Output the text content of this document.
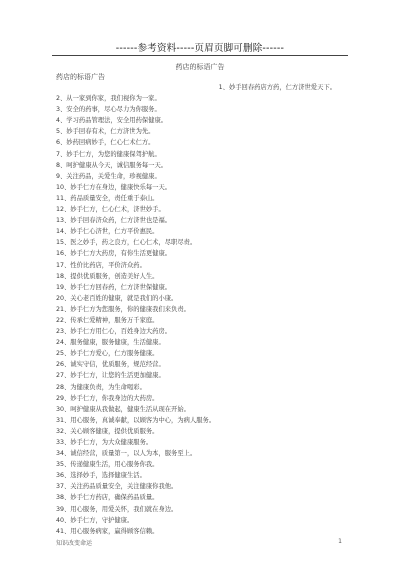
------参考资料-----页眉页脚可删除------
药店的标语广告
药店的标语广告
1、妙手回春药店方药，仁方济世爱天下。
2、从一家到你家，我们视你为一家。
3、安全的药事，尽心尽力为你服务。
4、学习药品管理法，安全用药保健康。
5、妙手回春有术，仁方济世为先。
6、妙药回病妙手，仁心仁术仁方。
7、妙手仁方，为您的健康保驾护航。
8、呵护健康从今天，诚信服务每一天。
9、关注药品，关爱生命，珍视健康。
10、妙手仁方在身边，健康快乐每一天。
11、药品质量安全，责任重于泰山。
12、妙手仁方，仁心仁术，济世妙手。
13、妙手回春济众药，仁方济世也是福。
14、妙手仁心济世，仁方平价惠民。
15、医之妙手，药之良方，仁心仁术，尽职尽责。
16、妙手仁方大药房，有你生活更健康。
17、性价比药店，平价济众药。
18、提供优质服务，创造美好人生。
19、妙手仁方回春药，仁方济世保健康。
20、关心老百姓的健康，就是我们的小康。
21、妙手仁方为您服务，你的健康我们来负责。
22、传承仁爱精神，服务万千家庭。
23、妙手仁方用仁心，百姓身边大药房。
24、服务健康，服务健康，生活健康。
25、妙手仁方爱心，仁方服务健康。
26、诚实守信，优质服务，规范经营。
27、妙手仁方，让您的生活更加健康。
28、为健康负责，为生命喝彩。
29、妙手仁方，你我身边的大药房。
30、呵护健康从我做起，健康生活从现在开始。
31、用心服务，真诚奉献，以顾客为中心，为病人服务。
32、关心顾客健康，提供优质服务。
33、妙手仁方，为大众健康服务。
34、诚信经营，质量第一，以人为本，服务至上。
35、传递健康生活，用心服务你我。
36、选择妙手，选择健康生活。
37、关注药品质量安全，关注健康你我他。
38、妙手仁方药店，确保药品质量。
39、用心服务，用爱关怀，我们就在身边。
40、妙手仁方，守护健康。
41、用心服务病家，赢得顾客信赖。
知识改变命运	1
